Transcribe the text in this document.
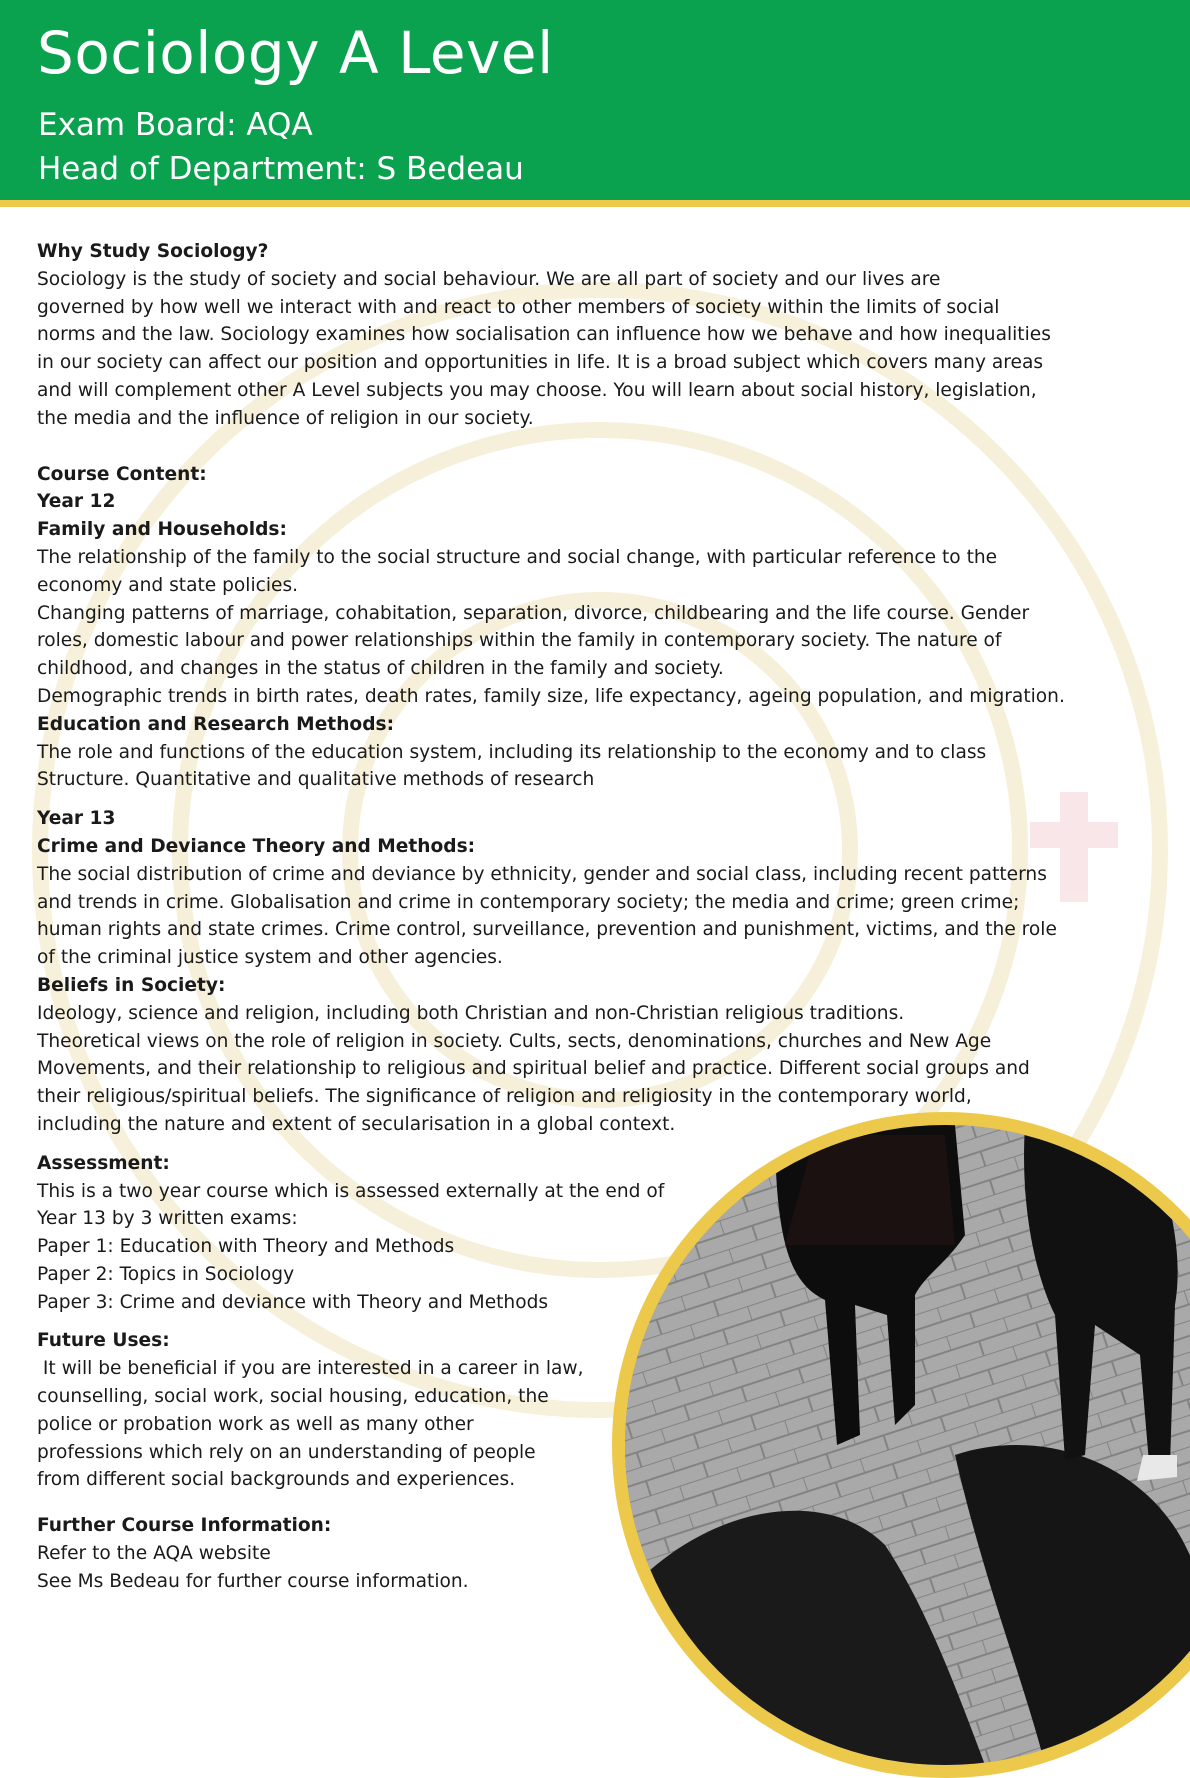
Sociology A Level

Exam Board: AQA

Head of Department: S Bedeau

Why Study Sociology?

Sociology is the study of society and social behaviour. We are all part of society and our lives are

governed by how well we interact with and react to other members of society within the limits of social

norms and the law. Sociology examines how socialisation can influence how we behave and how inequalities

in our society can affect our position and opportunities in life. It is a broad subject which covers many areas

and will complement other A Level subjects you may choose. You will learn about social history, legislation,

the media and the influence of religion in our society.

Course Content:

Year 12

Family and Households:

The relationship of the family to the social structure and social change, with particular reference to the

economy and state policies.

Changing patterns of marriage, cohabitation, separation, divorce, childbearing and the life course. Gender

roles, domestic labour and power relationships within the family in contemporary society. The nature of

childhood, and changes in the status of children in the family and society.

Demographic trends in birth rates, death rates, family size, life expectancy, ageing population, and migration.

Education and Research Methods:

The role and functions of the education system, including its relationship to the economy and to class

Structure. Quantitative and qualitative methods of research

Year 13

Crime and Deviance Theory and Methods:

The social distribution of crime and deviance by ethnicity, gender and social class, including recent patterns

and trends in crime. Globalisation and crime in contemporary society; the media and crime; green crime;

human rights and state crimes. Crime control, surveillance, prevention and punishment, victims, and the role

of the criminal justice system and other agencies.

Beliefs in Society:

Ideology, science and religion, including both Christian and non-Christian religious traditions.

Theoretical views on the role of religion in society. Cults, sects, denominations, churches and New Age

Movements, and their relationship to religious and spiritual belief and practice. Different social groups and

their religious/spiritual beliefs. The significance of religion and religiosity in the contemporary world,

including the nature and extent of secularisation in a global context.

Assessment:

This is a two year course which is assessed externally at the end of

Year 13 by 3 written exams:

Paper 1: Education with Theory and Methods

Paper 2: Topics in Sociology

Paper 3: Crime and deviance with Theory and Methods

Future Uses:

It will be beneficial if you are interested in a career in law,

counselling, social work, social housing, education, the

police or probation work as well as many other

professions which rely on an understanding of people

from different social backgrounds and experiences.

Further Course Information:

Refer to the AQA website

See Ms Bedeau for further course information.
